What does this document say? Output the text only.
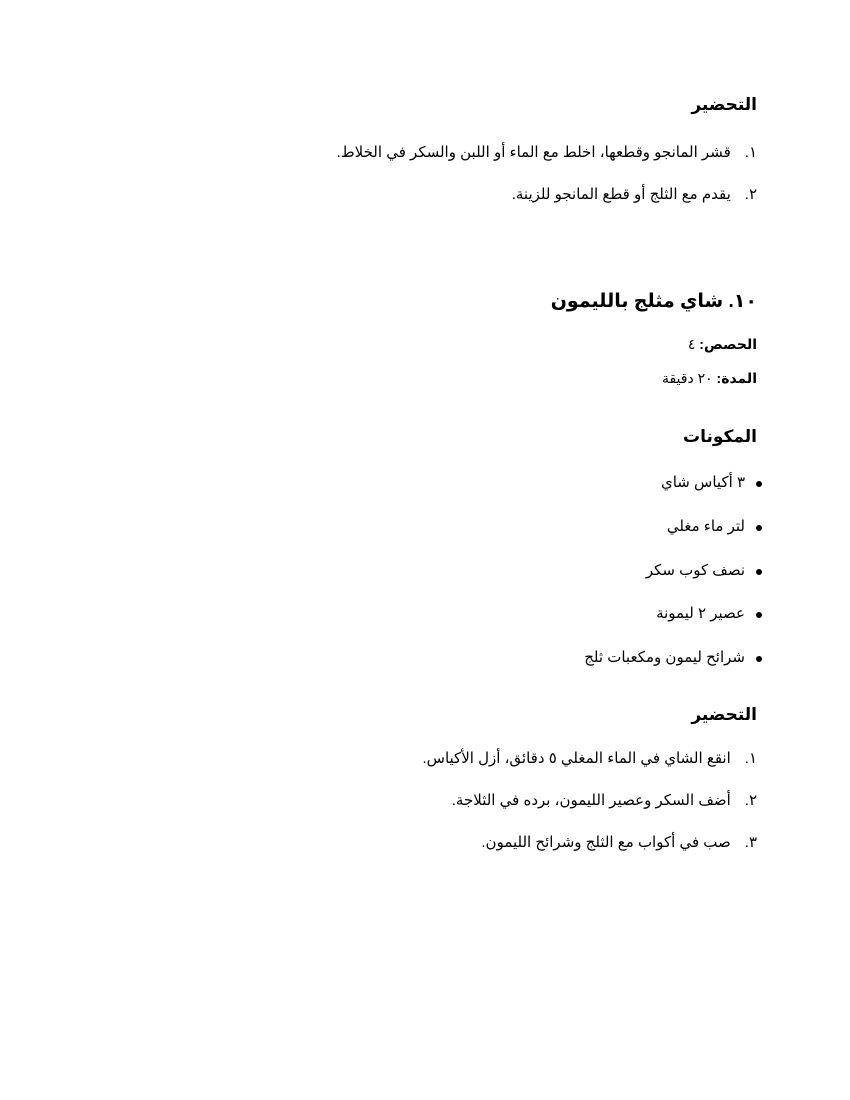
التحضير
١.قشر المانجو وقطعها، اخلط مع الماء أو اللبن والسكر في الخلاط.
٢.يقدم مع الثلج أو قطع المانجو للزينة.
١٠. شاي مثلج بالليمون
الحصص: ٤
المدة: ٢٠ دقيقة
المكونات
٣ أكياس شاي
لتر ماء مغلي
نصف كوب سكر
عصير ٢ ليمونة
شرائح ليمون ومكعبات ثلج
التحضير
١.انقع الشاي في الماء المغلي ٥ دقائق، أزل الأكياس.
٢.أضف السكر وعصير الليمون، برده في الثلاجة.
٣.صب في أكواب مع الثلج وشرائح الليمون.
